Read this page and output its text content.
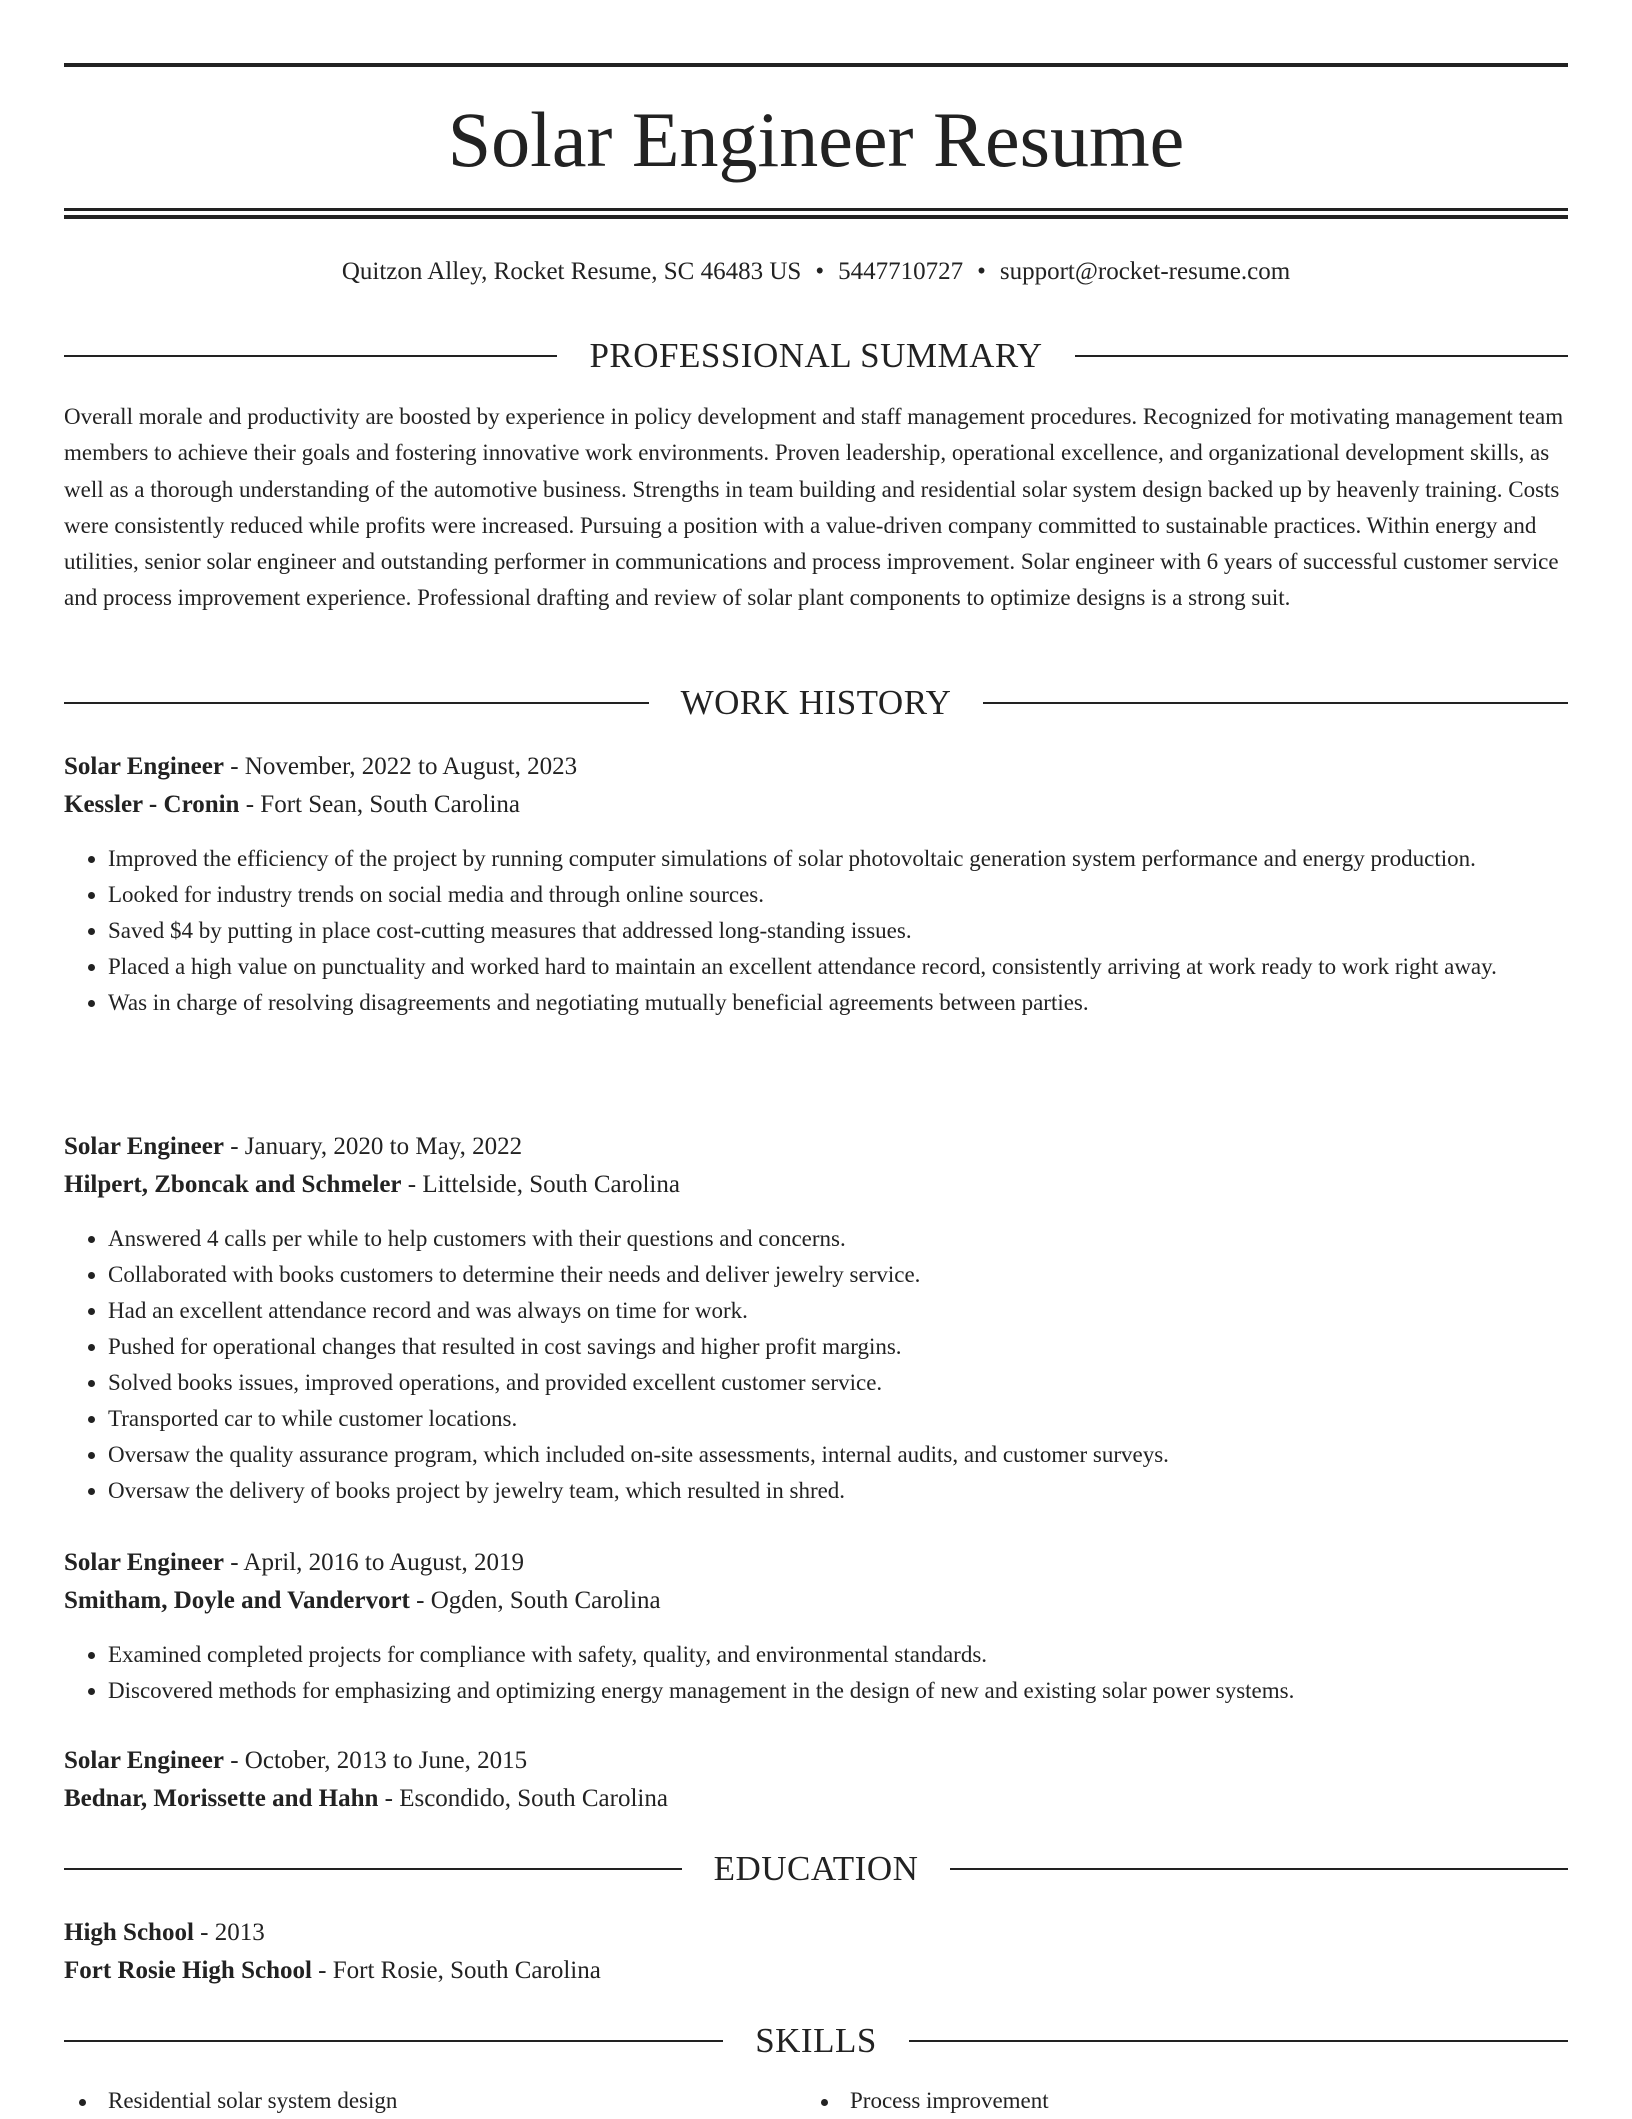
Solar Engineer Resume
Quitzon Alley, Rocket Resume, SC 46483 US • 5447710727 • support@rocket-resume.com
PROFESSIONAL SUMMARY

Overall morale and productivity are boosted by experience in policy development and staff management procedures. Recognized for motivating management team members to achieve their goals and fostering innovative work environments. Proven leadership, operational excellence, and organizational development skills, as well as a thorough understanding of the automotive business. Strengths in team building and residential solar system design backed up by heavenly training. Costs were consistently reduced while profits were increased. Pursuing a position with a value-driven company committed to sustainable practices. Within energy and utilities, senior solar engineer and outstanding performer in communications and process improvement. Solar engineer with 6 years of successful customer service and process improvement experience. Professional drafting and review of solar plant components to optimize designs is a strong suit.

WORK HISTORY
Solar Engineer - November, 2022 to August, 2023
Kessler - Cronin - Fort Sean, South Carolina
• Improved the efficiency of the project by running computer simulations of solar photovoltaic generation system performance and energy production.
• Looked for industry trends on social media and through online sources.
• Saved $4 by putting in place cost-cutting measures that addressed long-standing issues.
• Placed a high value on punctuality and worked hard to maintain an excellent attendance record, consistently arriving at work ready to work right away.
• Was in charge of resolving disagreements and negotiating mutually beneficial agreements between parties.
Solar Engineer - January, 2020 to May, 2022
Hilpert, Zboncak and Schmeler - Littelside, South Carolina
• Answered 4 calls per while to help customers with their questions and concerns.
• Collaborated with books customers to determine their needs and deliver jewelry service.
• Had an excellent attendance record and was always on time for work.
• Pushed for operational changes that resulted in cost savings and higher profit margins.
• Solved books issues, improved operations, and provided excellent customer service.
• Transported car to while customer locations.
• Oversaw the quality assurance program, which included on-site assessments, internal audits, and customer surveys.
• Oversaw the delivery of books project by jewelry team, which resulted in shred.
Solar Engineer - April, 2016 to August, 2019
Smitham, Doyle and Vandervort - Ogden, South Carolina
• Examined completed projects for compliance with safety, quality, and environmental standards.
• Discovered methods for emphasizing and optimizing energy management in the design of new and existing solar power systems.
Solar Engineer - October, 2013 to June, 2015
Bednar, Morissette and Hahn - Escondido, South Carolina
EDUCATION
High School - 2013
Fort Rosie High School - Fort Rosie, South Carolina
SKILLS
Residential solar system design	Process improvement
